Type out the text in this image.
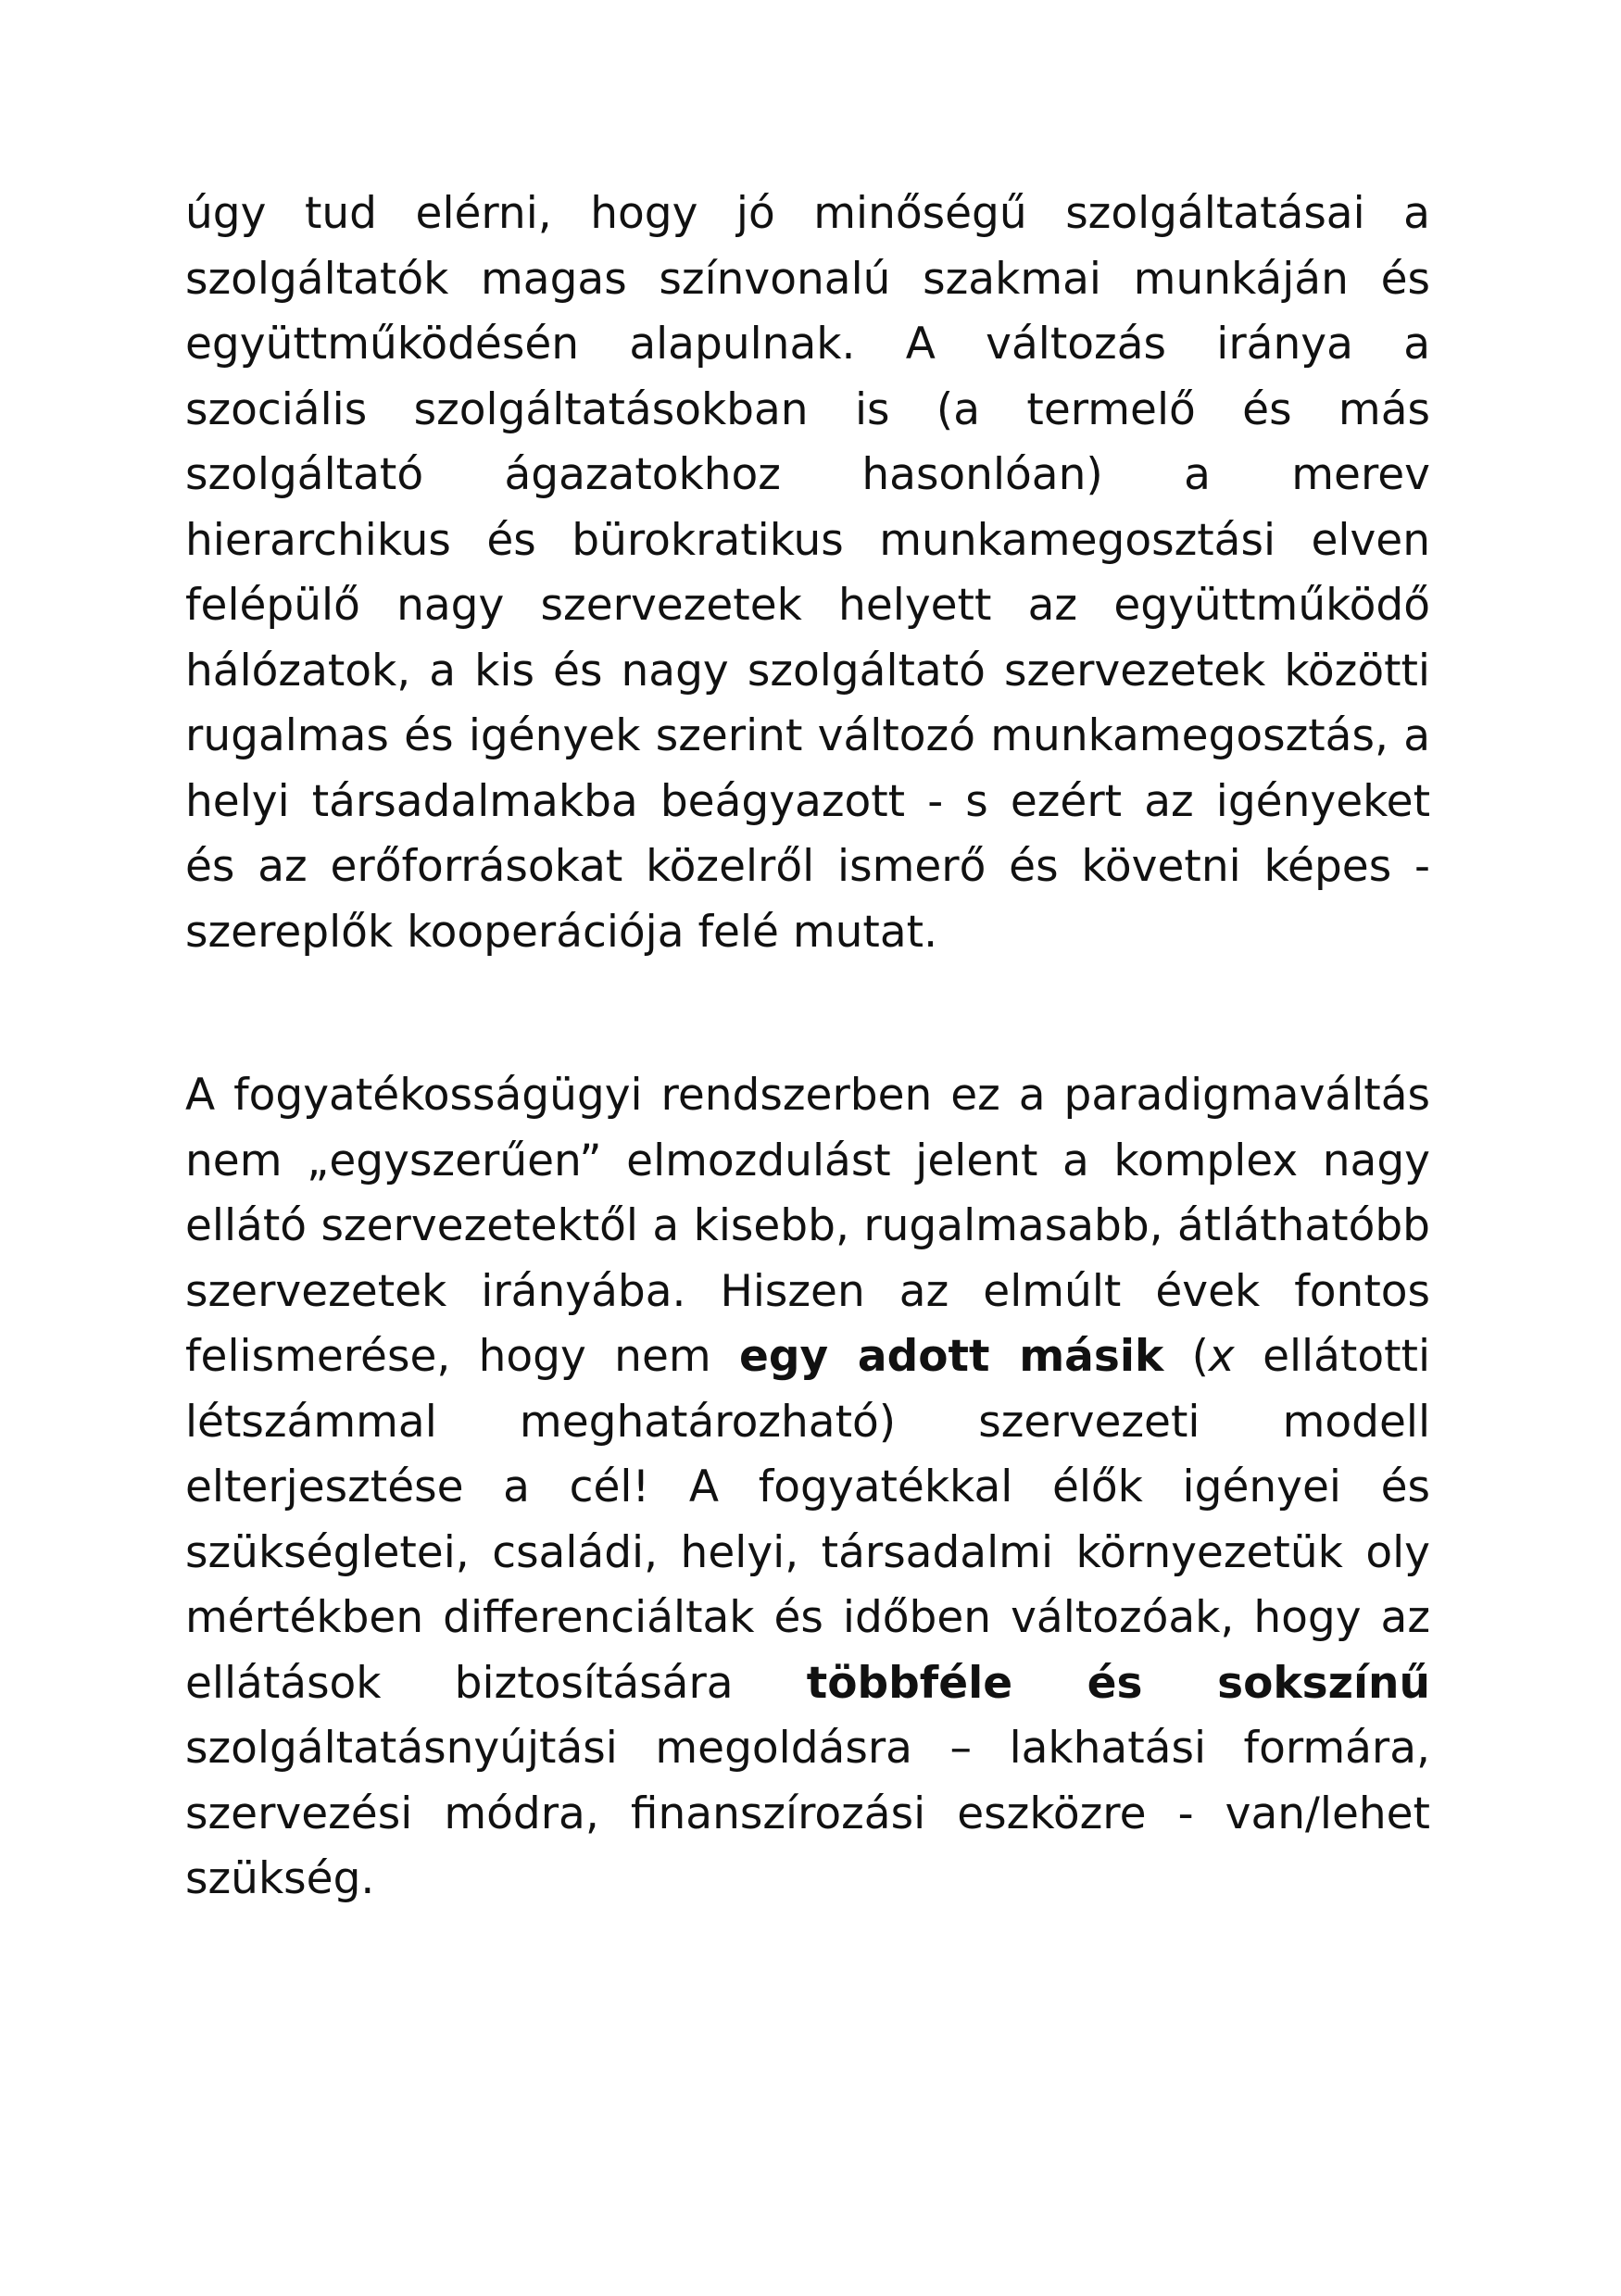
úgy tud elérni, hogy jó minőségű szolgáltatásai a szolgáltatók magas színvonalú szakmai munkáján és együttműködésén alapulnak. A változás iránya a szociális szolgáltatásokban is (a termelő és más szolgáltató ágazatokhoz hasonlóan) a merev hierarchikus és bürokratikus munkamegosztási elven felépülő nagy szervezetek helyett az együttműködő hálózatok, a kis és nagy szolgáltató szervezetek közötti rugalmas és igények szerint változó munkamegosztás, a helyi társadalmakba beágyazott - s ezért az igényeket és az erőforrásokat közelről ismerő és követni képes - szereplők kooperációja felé mutat.

A fogyatékosságügyi rendszerben ez a paradigmaváltás nem „egyszerűen” elmozdulást jelent a komplex nagy ellátó szervezetektől a kisebb, rugalmasabb, átláthatóbb szervezetek irányába. Hiszen az elmúlt évek fontos felismerése, hogy nem egy adott másik (x ellátotti létszámmal meghatározható) szervezeti modell elterjesztése a cél! A fogyatékkal élők igényei és szükségletei, családi, helyi, társadalmi környezetük oly mértékben differenciáltak és időben változóak, hogy az ellátások biztosítására többféle és sokszínű szolgáltatásnyújtási megoldásra – lakhatási formára, szervezési módra, finanszírozási eszközre - van/lehet szükség.
